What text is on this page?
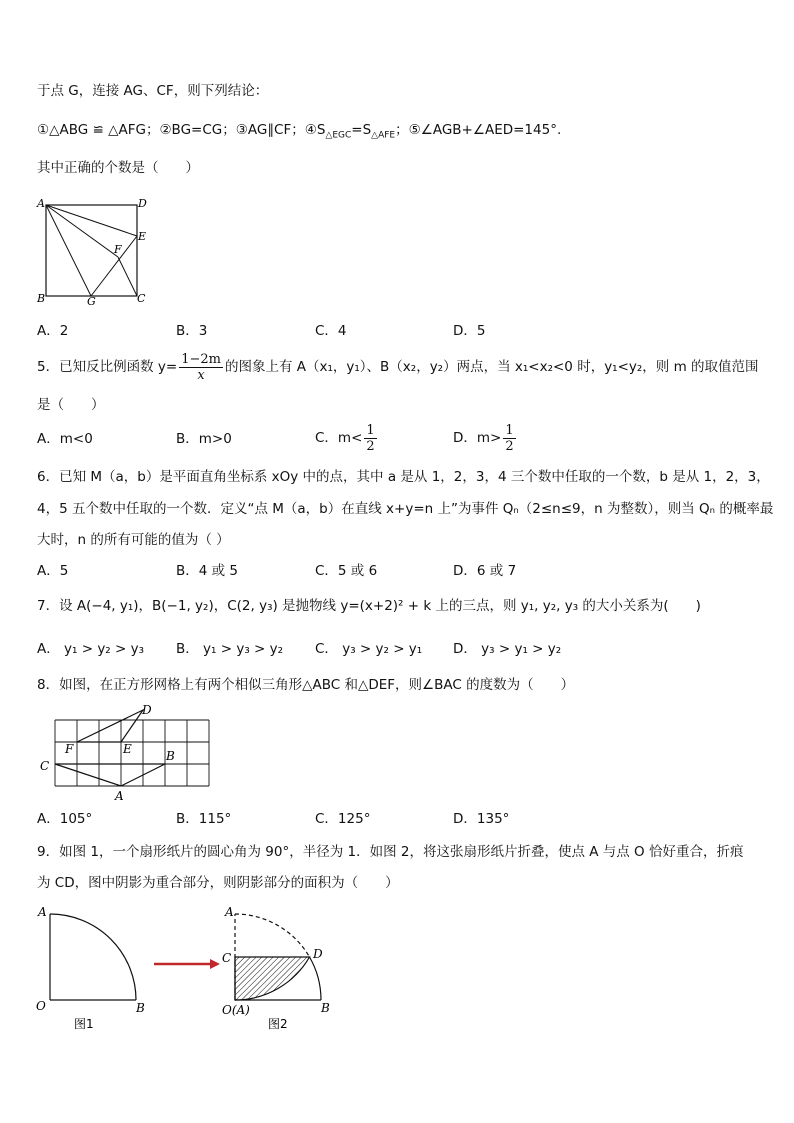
于点 G，连接 AG、CF，则下列结论：
①△ABG ≌ △AFG；②BG=CG；③AG∥CF；$④S_{\triangle EGC}=S_{\triangle AFE}$；⑤∠AGB+∠AED=145°.
其中正确的个数是（　　）
A	D
E
F
B	G	C
A．2	B．3	C．4	D．5
5．已知反比例函数 $y= \frac{1-2m}{x}$ 的图象上有 A（x₁，y₁）、B（x₂，y₂）两点，当 x₁<x₂<0 时，y₁<y₂，则 m 的取值范围
是（　　）
A．m<0	B．m>0	C．$m< \frac{1}{2}$	D．$m> \frac{1}{2}$
6．已知 M（a，b）是平面直角坐标系 xOy 中的点，其中 a 是从 1，2，3，4 三个数中任取的一个数，b 是从 1，2，3，
4，5 五个数中任取的一个数．定义“点 M（a，b）在直线 x+y=n 上”为事件 Qₙ（2≤n≤9，n 为整数），则当 Qₙ 的概率最
大时，n 的所有可能的值为（ ）
A．5	B．4 或 5	C．5 或 6	D．6 或 7
7．设 A(−4, y₁)，B(−1, y₂)，C(2, y₃) 是抛物线 y=(x+2)² + k 上的三点，则 y₁, y₂, y₃ 的大小关系为(　　)
A． y₁ > y₂ > y₃ B． y₁ > y₃ > y₂ C． y₃ > y₂ > y₁ D． y₃ > y₁ > y₂
8．如图，在正方形网格上有两个相似三角形△ABC 和△DEF，则∠BAC 的度数为（　　）
D
F	E	B
C
A
A．105°	B．115°	C．125°	D．135°
9．如图 1，一个扇形纸片的圆心角为 90°，半径为 1．如图 2，将这张扇形纸片折叠，使点 A 与点 O 恰好重合，折痕
为 CD，图中阴影为重合部分，则阴影部分的面积为（　　）
A
O	B
图1
A
C	D
O(A)	B
图2
